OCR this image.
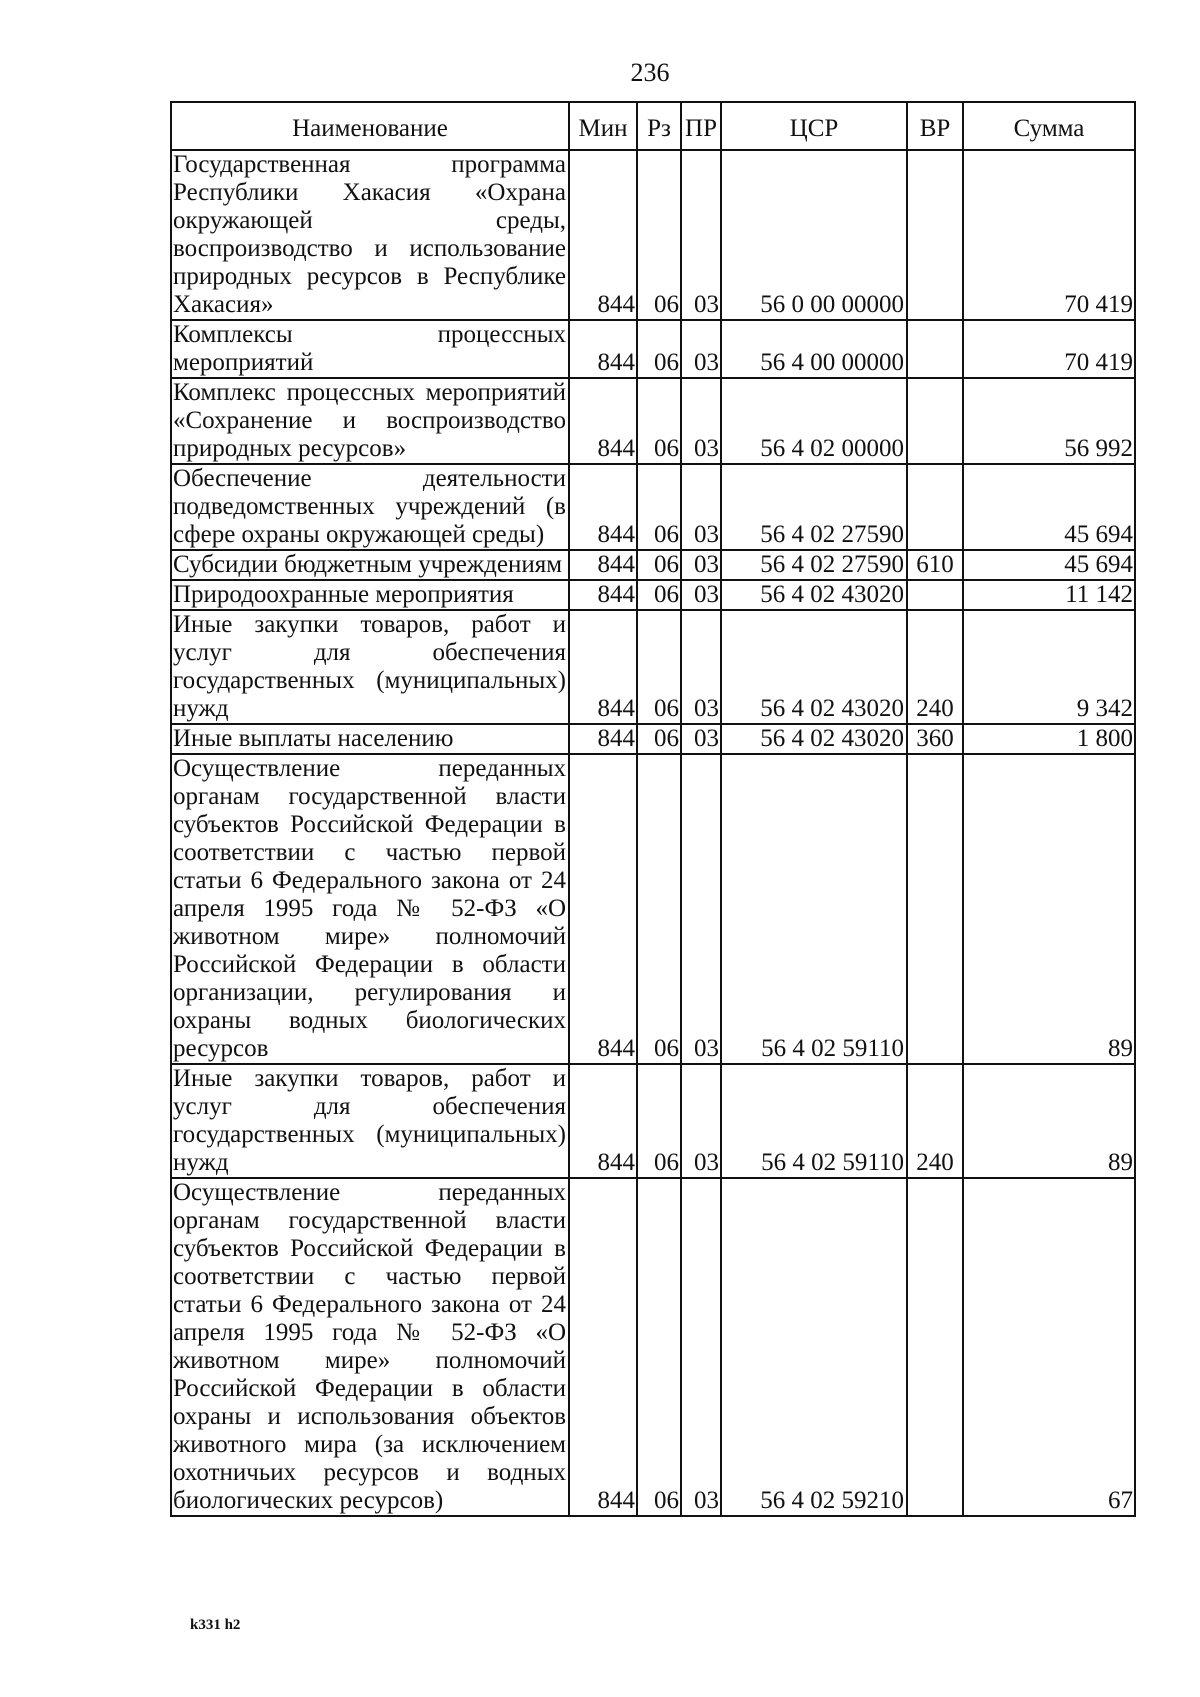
236
Наименование	Мин	Рз	ПР	ЦСР	ВР	Сумма
Государственная программа Республики Хакасия «Охрана окружающей среды, воспроизводство и использование природных ресурсов в Республике Хакасия»	844	06	03	56 0 00 00000		70 419
Комплексы процессных мероприятий	844	06	03	56 4 00 00000		70 419
Комплекс процессных мероприятий «Сохранение и воспроизводство природных ресурсов»	844	06	03	56 4 02 00000		56 992
Обеспечение деятельности подведомственных учреждений (в сфере охраны окружающей среды)	844	06	03	56 4 02 27590		45 694
Субсидии бюджетным учреждениям	844	06	03	56 4 02 27590	610	45 694
Природоохранные мероприятия	844	06	03	56 4 02 43020		11 142
Иные закупки товаров, работ и услуг для обеспечения государственных (муниципальных) нужд	844	06	03	56 4 02 43020	240	9 342
Иные выплаты населению	844	06	03	56 4 02 43020	360	1 800
Осуществление переданных органам государственной власти субъектов Российской Федерации в соответствии с частью первой статьи 6 Федерального закона от 24 апреля 1995 года № 52-ФЗ «О животном мире» полномочий Российской Федерации в области организации, регулирования и охраны водных биологических ресурсов	844	06	03	56 4 02 59110		89
Иные закупки товаров, работ и услуг для обеспечения государственных (муниципальных) нужд	844	06	03	56 4 02 59110	240	89
Осуществление переданных органам государственной власти субъектов Российской Федерации в соответствии с частью первой статьи 6 Федерального закона от 24 апреля 1995 года № 52-ФЗ «О животном мире» полномочий Российской Федерации в области охраны и использования объектов животного мира (за исключением охотничьих ресурсов и водных биологических ресурсов)	844	06	03	56 4 02 59210		67
k331 h2
